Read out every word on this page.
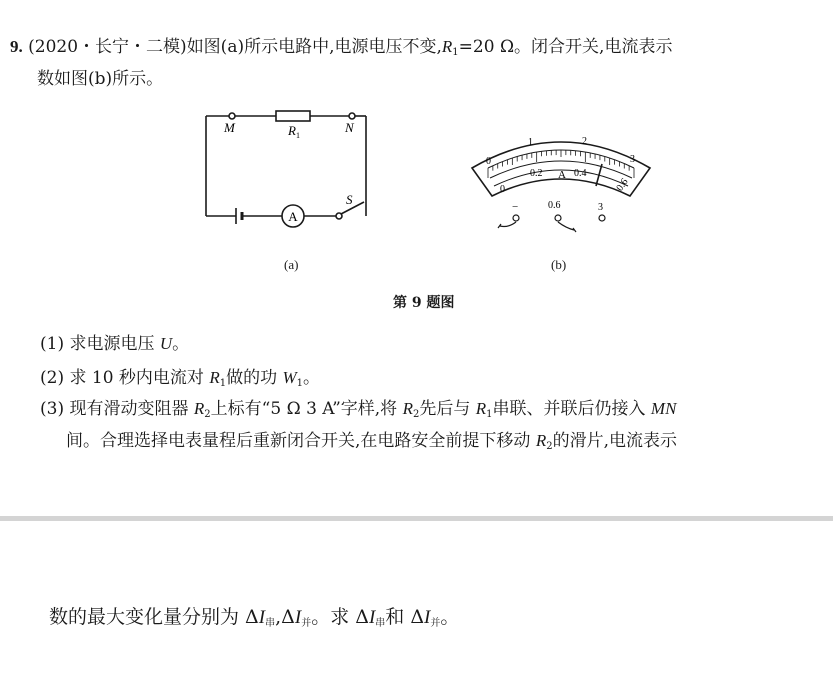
9. (2020・长宁・二模)如图(a)所示电路中,电源电压不变$,R_1=20$ Ω。闭合开关,电流表示
数如图(b)所示。
A
M	R 1
N
S
(a)
0
1	2
3
0
0.2	0.4
0.6
A
−	0.6	3
(b)
第 9 题图
(1) 求电源电压 U。
(2) 求 10 秒内电流对 $R_1$做的功 $W_1$。
(3) 现有滑动变阻器 $R_2$上标有“5 Ω 3 A”字样,将 $R_2$先后与 $R_1$串联、并联后仍接入 MN
间。合理选择电表量程后重新闭合开关,在电路安全前提下移动 $R_2$的滑片,电流表示
数的最大变化量分别为 $\Delta I_串,\Delta I_并$。求 $\Delta I_串$和 $\Delta I_并$。
